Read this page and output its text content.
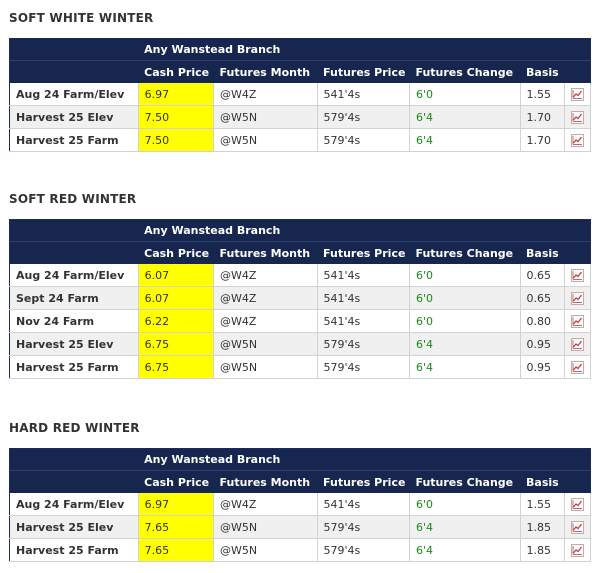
SOFT WHITE WINTER
	Any Wanstead Branch					
	Cash Price	Futures Month	Futures Price	Futures Change	Basis	
Aug 24 Farm/Elev	6.97	@W4Z	541'4s	6'0	1.55	
Harvest 25 Elev	7.50	@W5N	579'4s	6'4	1.70	
Harvest 25 Farm	7.50	@W5N	579'4s	6'4	1.70	
SOFT RED WINTER
	Any Wanstead Branch					
	Cash Price	Futures Month	Futures Price	Futures Change	Basis	
Aug 24 Farm/Elev	6.07	@W4Z	541'4s	6'0	0.65	
Sept 24 Farm	6.07	@W4Z	541'4s	6'0	0.65	
Nov 24 Farm	6.22	@W4Z	541'4s	6'0	0.80	
Harvest 25 Elev	6.75	@W5N	579'4s	6'4	0.95	
Harvest 25 Farm	6.75	@W5N	579'4s	6'4	0.95	
HARD RED WINTER
	Any Wanstead Branch					
	Cash Price	Futures Month	Futures Price	Futures Change	Basis	
Aug 24 Farm/Elev	6.97	@W4Z	541'4s	6'0	1.55	
Harvest 25 Elev	7.65	@W5N	579'4s	6'4	1.85	
Harvest 25 Farm	7.65	@W5N	579'4s	6'4	1.85	
